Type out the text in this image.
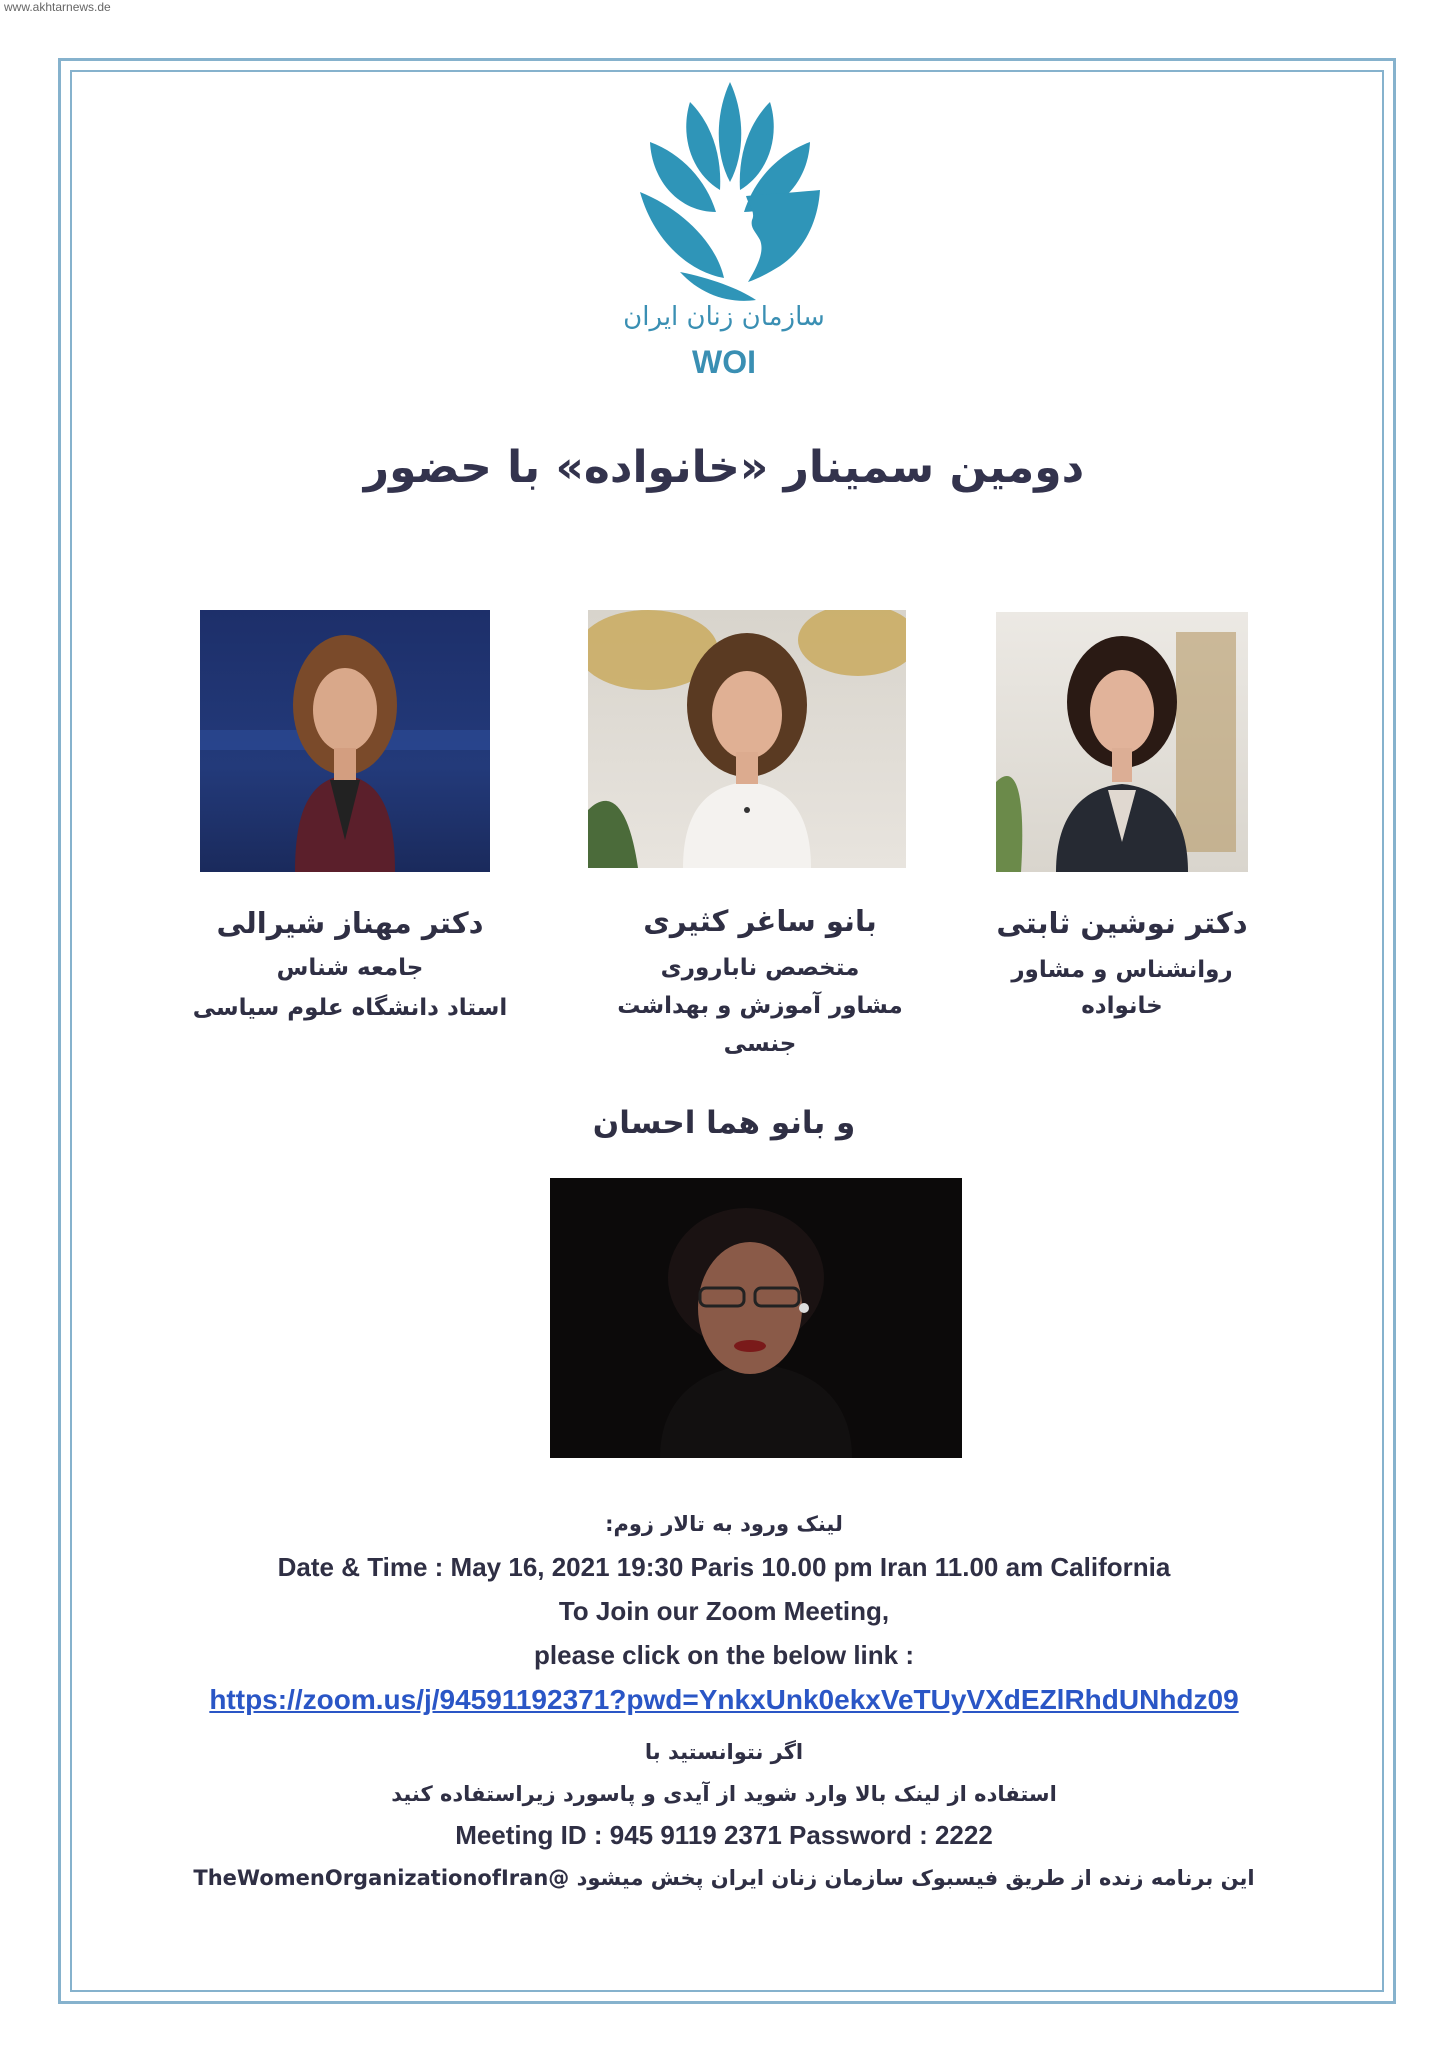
www.akhtarnews.de
سازمان زنان ایران
WOI
دومین سمینار «خانواده» با حضور
دکتر نوشین ثابتی
روانشناس و مشاور
خانواده
بانو ساغر کثیری
متخصص ناباروری
مشاور آموزش و بهداشت
جنسی
دکتر مهناز شیرالی
جامعه شناس
استاد دانشگاه علوم سیاسی
و بانو هما احسان
لینک ورود به تالار زوم:
Date & Time : May 16, 2021 19:30 Paris 10.00 pm Iran 11.00 am California
To Join our Zoom Meeting,
please click on the below link :
https://zoom.us/j/94591192371?pwd=YnkxUnk0ekxVeTUyVXdEZlRhdUNhdz09
اگر نتوانستید با
استفاده از لینک بالا وارد شوید از آیدی و پاسورد زیراستفاده کنید
Meeting ID : 945 9119 2371 Password : 2222
این برنامه زنده از طریق فیسبوک سازمان زنان ایران پخش میشود @TheWomenOrganizationofIran
